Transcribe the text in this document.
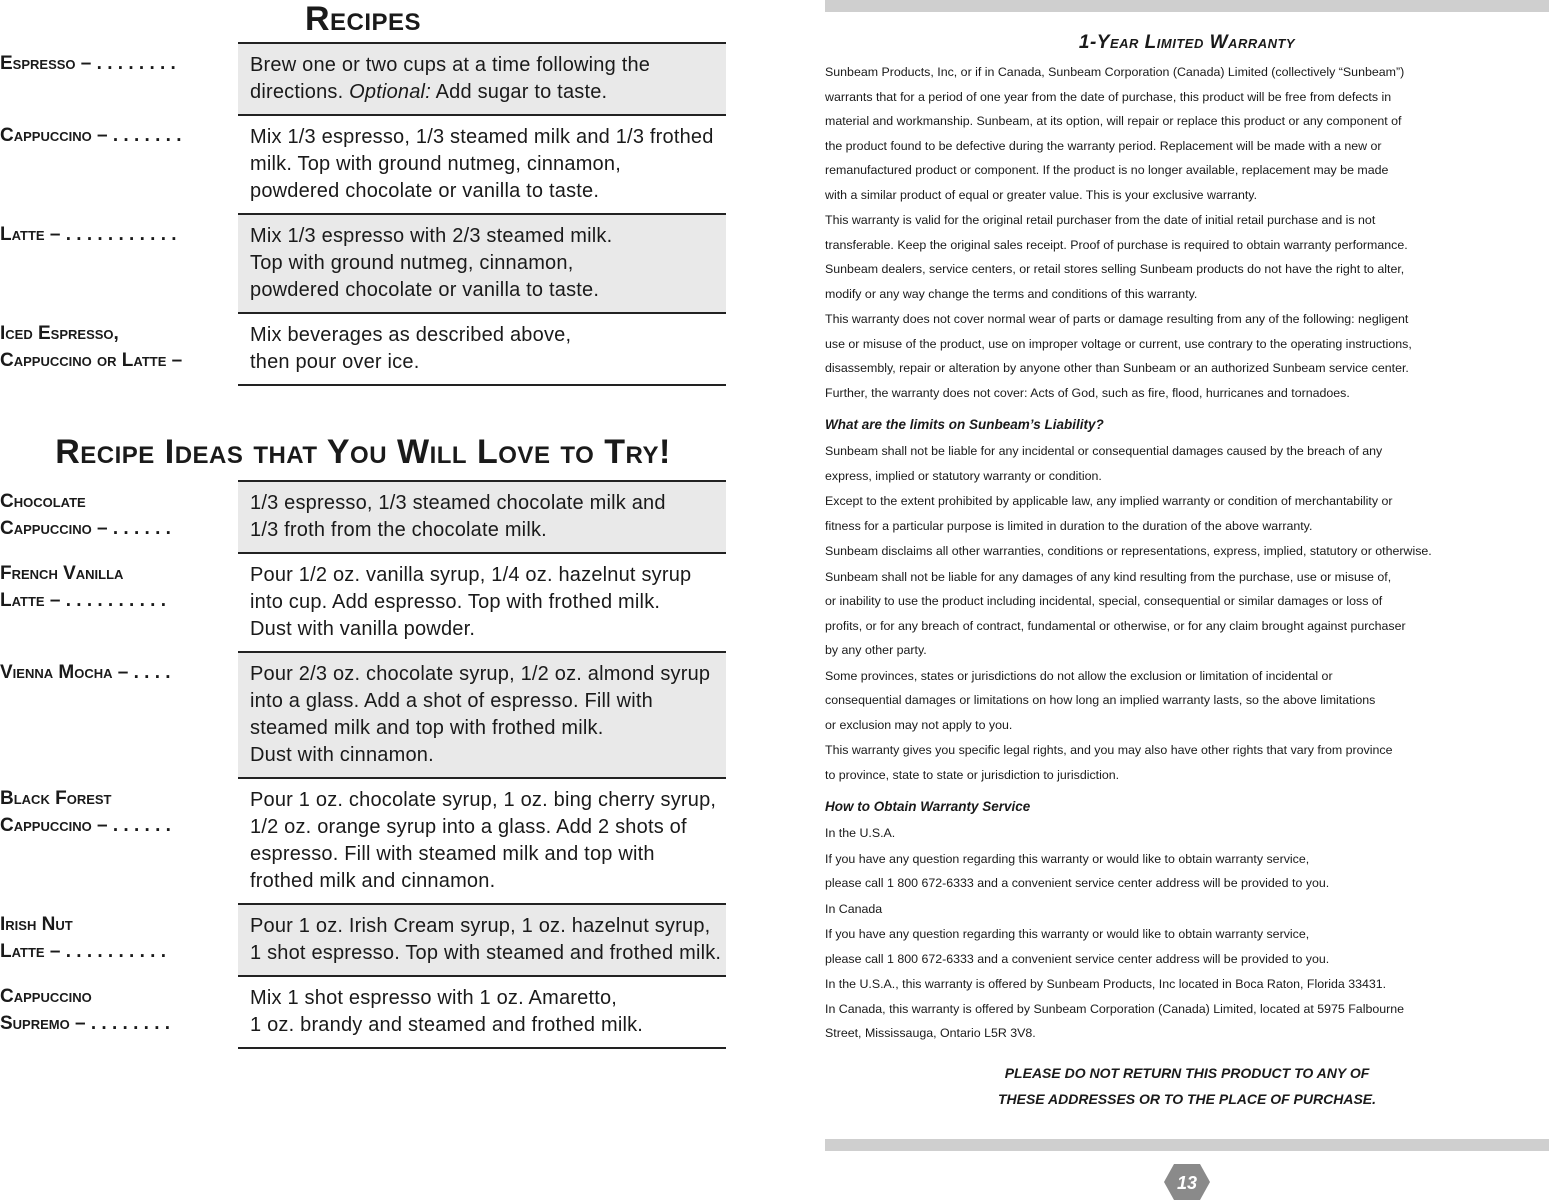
Recipes
Espresso – . . . . . . . .	Brew one or two cups at a time following the
directions. Optional: Add sugar to taste.
Cappuccino – . . . . . . .	Mix 1/3 espresso, 1/3 steamed milk and 1/3 frothed
milk. Top with ground nutmeg, cinnamon,
powdered chocolate or vanilla to taste.
Latte – . . . . . . . . . . .	Mix 1/3 espresso with 2/3 steamed milk.
Top with ground nutmeg, cinnamon,
powdered chocolate or vanilla to taste.
Iced Espresso,
Cappuccino or Latte –
Mix beverages as described above,
then pour over ice.
Recipe Ideas that You Will Love to Try!
Chocolate
Cappuccino – . . . . . .
1/3 espresso, 1/3 steamed chocolate milk and
1/3 froth from the chocolate milk.
French Vanilla
Latte – . . . . . . . . . .
Pour 1/2 oz. vanilla syrup, 1/4 oz. hazelnut syrup
into cup. Add espresso. Top with frothed milk.
Dust with vanilla powder.
Vienna Mocha – . . . .	Pour 2/3 oz. chocolate syrup, 1/2 oz. almond syrup
into a glass. Add a shot of espresso. Fill with
steamed milk and top with frothed milk.
Dust with cinnamon.
Black Forest
Cappuccino – . . . . . .
Pour 1 oz. chocolate syrup, 1 oz. bing cherry syrup,
1/2 oz. orange syrup into a glass. Add 2 shots of
espresso. Fill with steamed milk and top with
frothed milk and cinnamon.
Irish Nut
Latte – . . . . . . . . . .
Pour 1 oz. Irish Cream syrup, 1 oz. hazelnut syrup,
1 shot espresso. Top with steamed and frothed milk.
Cappuccino
Supremo – . . . . . . . .
Mix 1 shot espresso with 1 oz. Amaretto,
1 oz. brandy and steamed and frothed milk.
1-Year Limited Warranty
Sunbeam Products, Inc, or if in Canada, Sunbeam Corporation (Canada) Limited (collectively “Sunbeam”)
warrants that for a period of one year from the date of purchase, this product will be free from defects in
material and workmanship. Sunbeam, at its option, will repair or replace this product or any component of
the product found to be defective during the warranty period. Replacement will be made with a new or
remanufactured product or component. If the product is no longer available, replacement may be made
with a similar product of equal or greater value. This is your exclusive warranty.
This warranty is valid for the original retail purchaser from the date of initial retail purchase and is not
transferable. Keep the original sales receipt. Proof of purchase is required to obtain warranty performance.
Sunbeam dealers, service centers, or retail stores selling Sunbeam products do not have the right to alter,
modify or any way change the terms and conditions of this warranty.
This warranty does not cover normal wear of parts or damage resulting from any of the following: negligent
use or misuse of the product, use on improper voltage or current, use contrary to the operating instructions,
disassembly, repair or alteration by anyone other than Sunbeam or an authorized Sunbeam service center.
Further, the warranty does not cover: Acts of God, such as fire, flood, hurricanes and tornadoes.
What are the limits on Sunbeam’s Liability?
Sunbeam shall not be liable for any incidental or consequential damages caused by the breach of any
express, implied or statutory warranty or condition.
Except to the extent prohibited by applicable law, any implied warranty or condition of merchantability or
fitness for a particular purpose is limited in duration to the duration of the above warranty.
Sunbeam disclaims all other warranties, conditions or representations, express, implied, statutory or otherwise.
Sunbeam shall not be liable for any damages of any kind resulting from the purchase, use or misuse of,
or inability to use the product including incidental, special, consequential or similar damages or loss of
profits, or for any breach of contract, fundamental or otherwise, or for any claim brought against purchaser
by any other party.
Some provinces, states or jurisdictions do not allow the exclusion or limitation of incidental or
consequential damages or limitations on how long an implied warranty lasts, so the above limitations
or exclusion may not apply to you.
This warranty gives you specific legal rights, and you may also have other rights that vary from province
to province, state to state or jurisdiction to jurisdiction.
How to Obtain Warranty Service
In the U.S.A.
If you have any question regarding this warranty or would like to obtain warranty service,
please call 1 800 672-6333 and a convenient service center address will be provided to you.
In Canada
If you have any question regarding this warranty or would like to obtain warranty service,
please call 1 800 672-6333 and a convenient service center address will be provided to you.
In the U.S.A., this warranty is offered by Sunbeam Products, Inc located in Boca Raton, Florida 33431.
In Canada, this warranty is offered by Sunbeam Corporation (Canada) Limited, located at 5975 Falbourne
Street, Mississauga, Ontario L5R 3V8.
PLEASE DO NOT RETURN THIS PRODUCT TO ANY OF
THESE ADDRESSES OR TO THE PLACE OF PURCHASE.
13
